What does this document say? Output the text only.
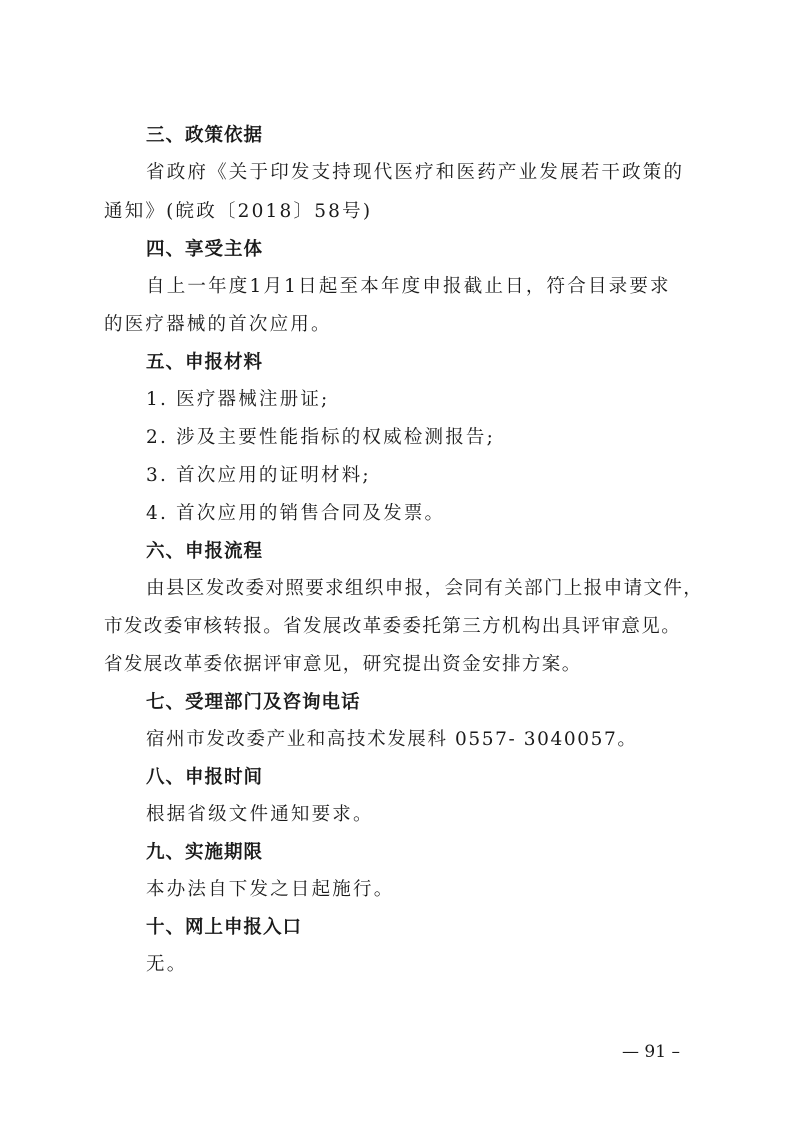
三、政策依据
省政府《关于印发支持现代医疗和医药产业发展若干政策的
通知》(皖政〔2018〕58号)
四、享受主体
自上一年度1月1日起至本年度申报截止日，符合目录要求
的医疗器械的首次应用。
五、申报材料
1. 医疗器械注册证;
2. 涉及主要性能指标的权威检测报告;
3. 首次应用的证明材料;
4. 首次应用的销售合同及发票。
六、申报流程
由县区发改委对照要求组织申报，会同有关部门上报申请文件，
市发改委审核转报。省发展改革委委托第三方机构出具评审意见。
省发展改革委依据评审意见，研究提出资金安排方案。
七、受理部门及咨询电话
宿州市发改委产业和高技术发展科 0557- 3040057。
八、申报时间
根据省级文件通知要求。
九、实施期限
本办法自下发之日起施行。
十、网上申报入口
无。
— 91 –
